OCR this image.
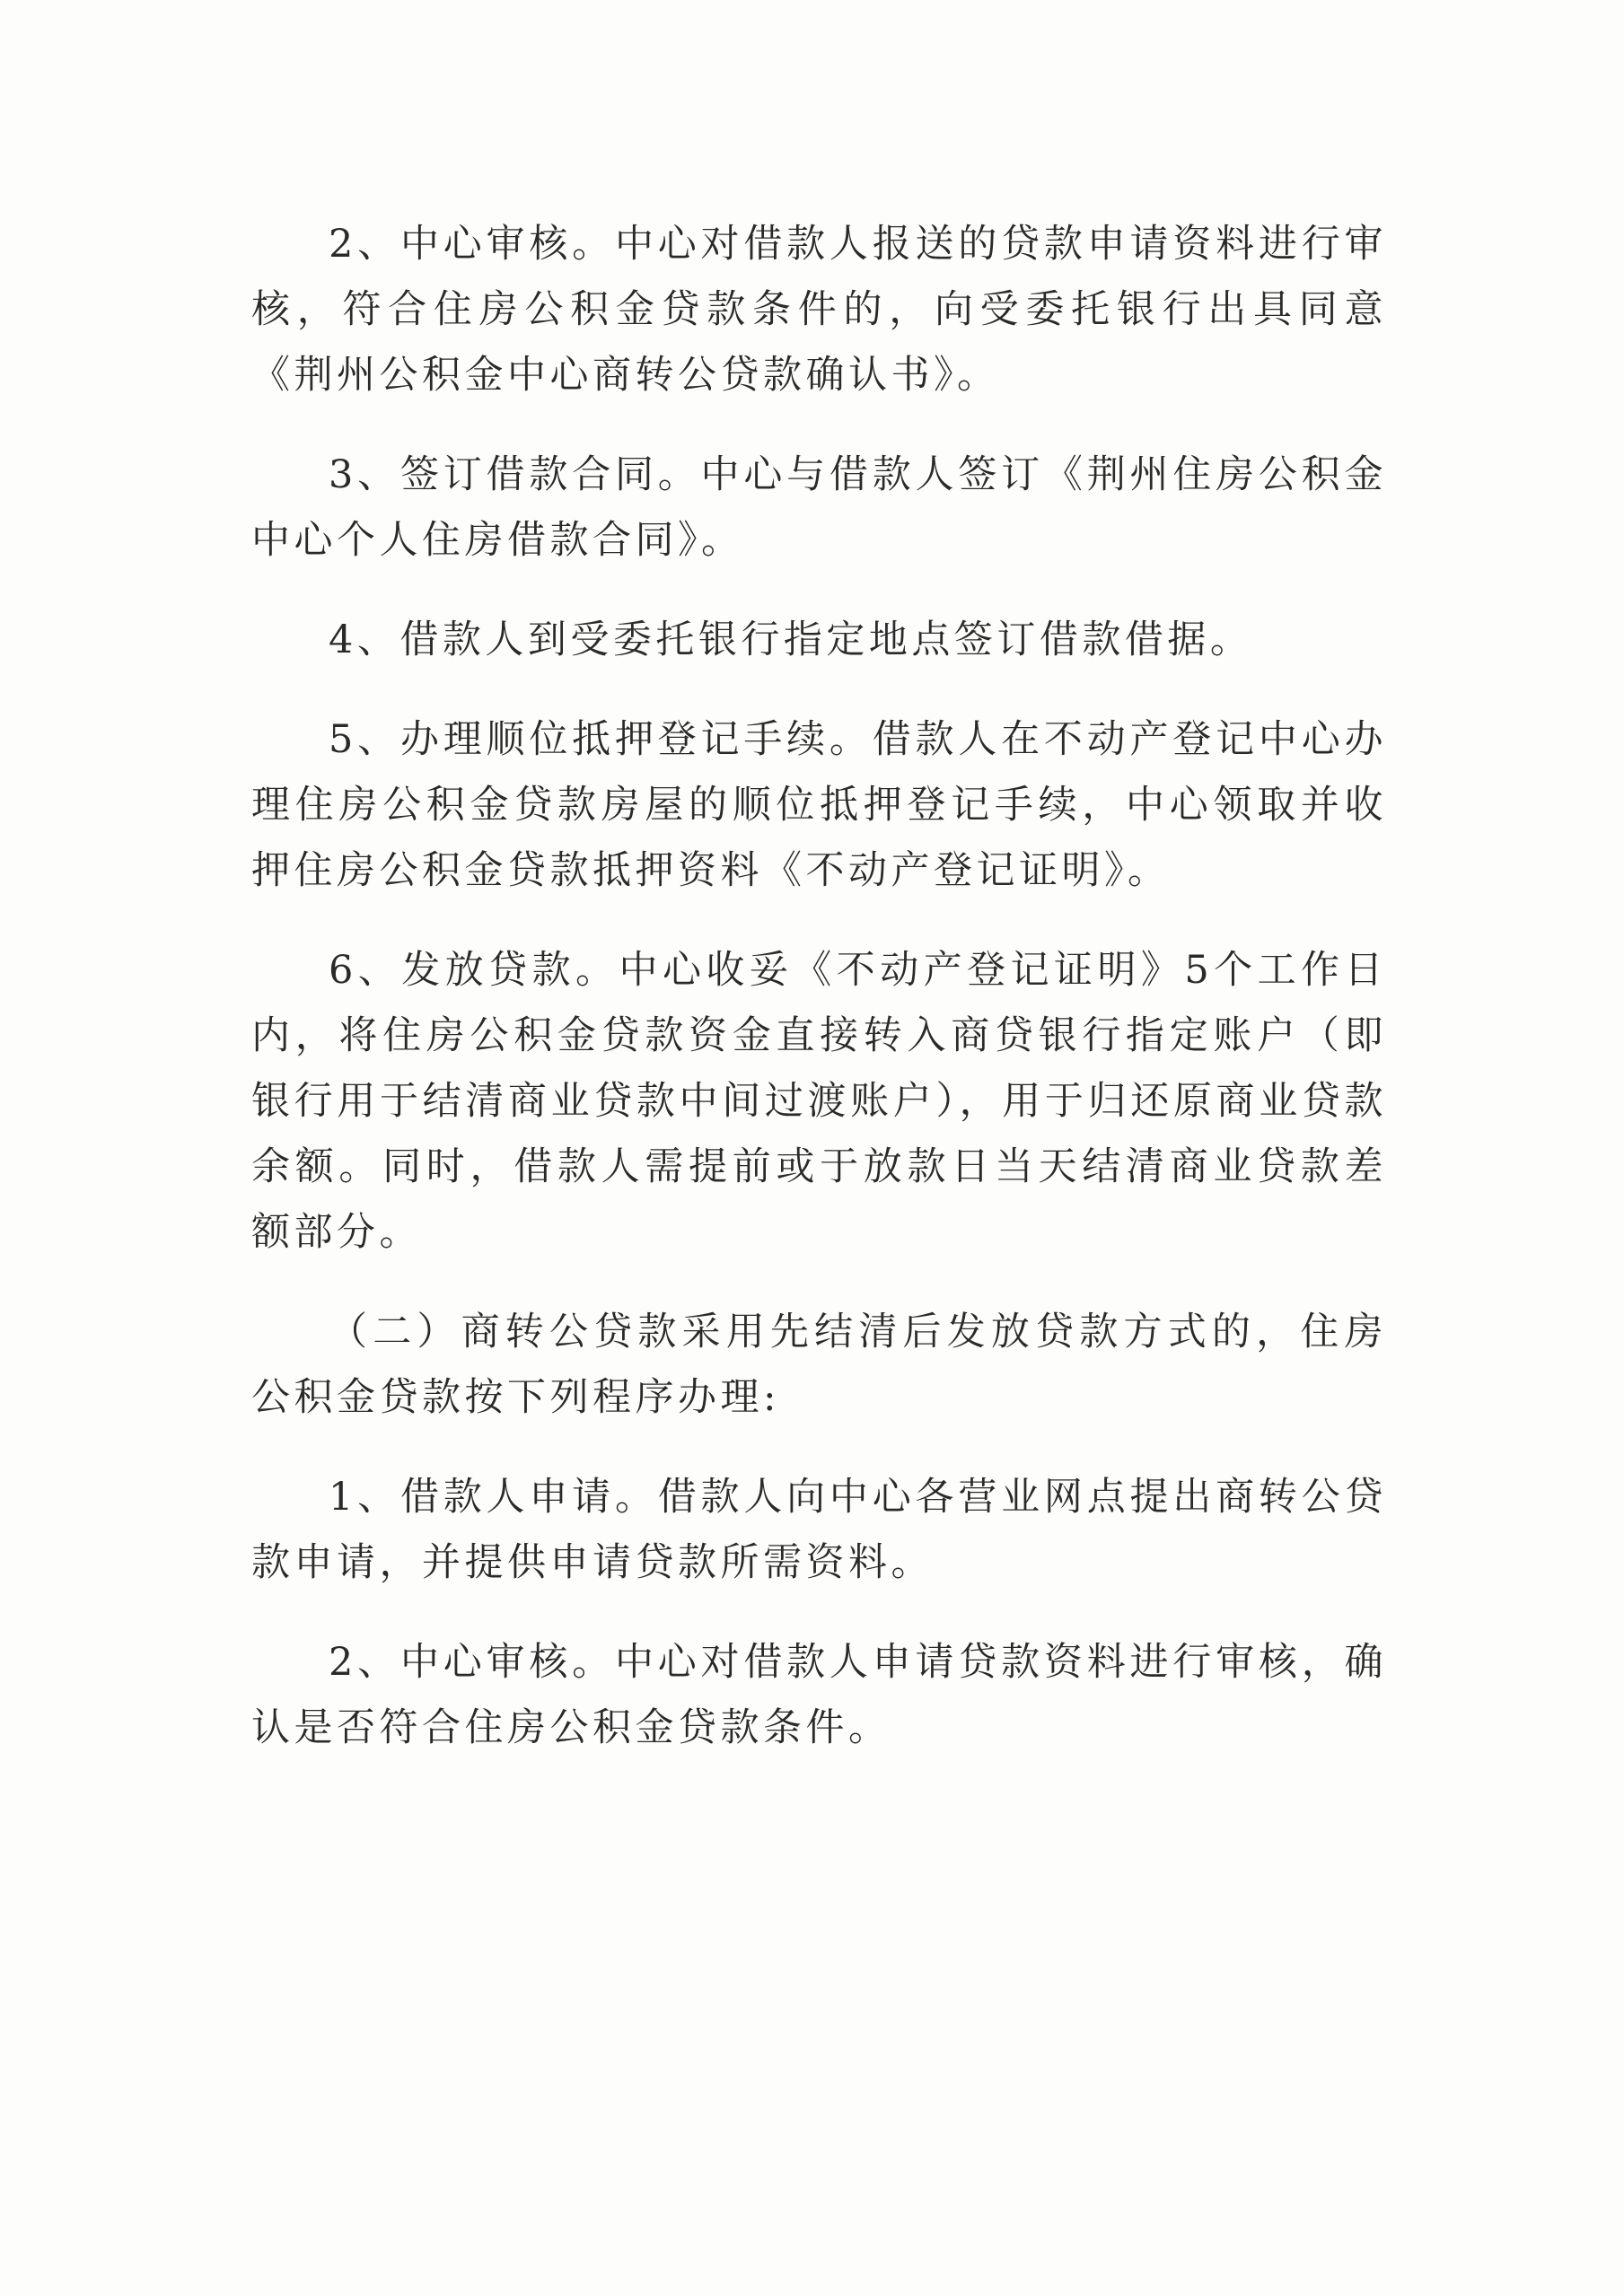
2、中心审核。中心对借款人报送的贷款申请资料进行审核，符合住房公积金贷款条件的，向受委托银行出具同意《荆州公积金中心商转公贷款确认书》。

3、签订借款合同。中心与借款人签订《荆州住房公积金中心个人住房借款合同》。

4、借款人到受委托银行指定地点签订借款借据。

5、办理顺位抵押登记手续。借款人在不动产登记中心办理住房公积金贷款房屋的顺位抵押登记手续，中心领取并收押住房公积金贷款抵押资料《不动产登记证明》。

6、发放贷款。中心收妥《不动产登记证明》5个工作日内，将住房公积金贷款资金直接转入商贷银行指定账户（即银行用于结清商业贷款中间过渡账户），用于归还原商业贷款余额。同时，借款人需提前或于放款日当天结清商业贷款差额部分。

（二）商转公贷款采用先结清后发放贷款方式的，住房公积金贷款按下列程序办理:

1、借款人申请。借款人向中心各营业网点提出商转公贷款申请，并提供申请贷款所需资料。

2、中心审核。中心对借款人申请贷款资料进行审核，确认是否符合住房公积金贷款条件。
